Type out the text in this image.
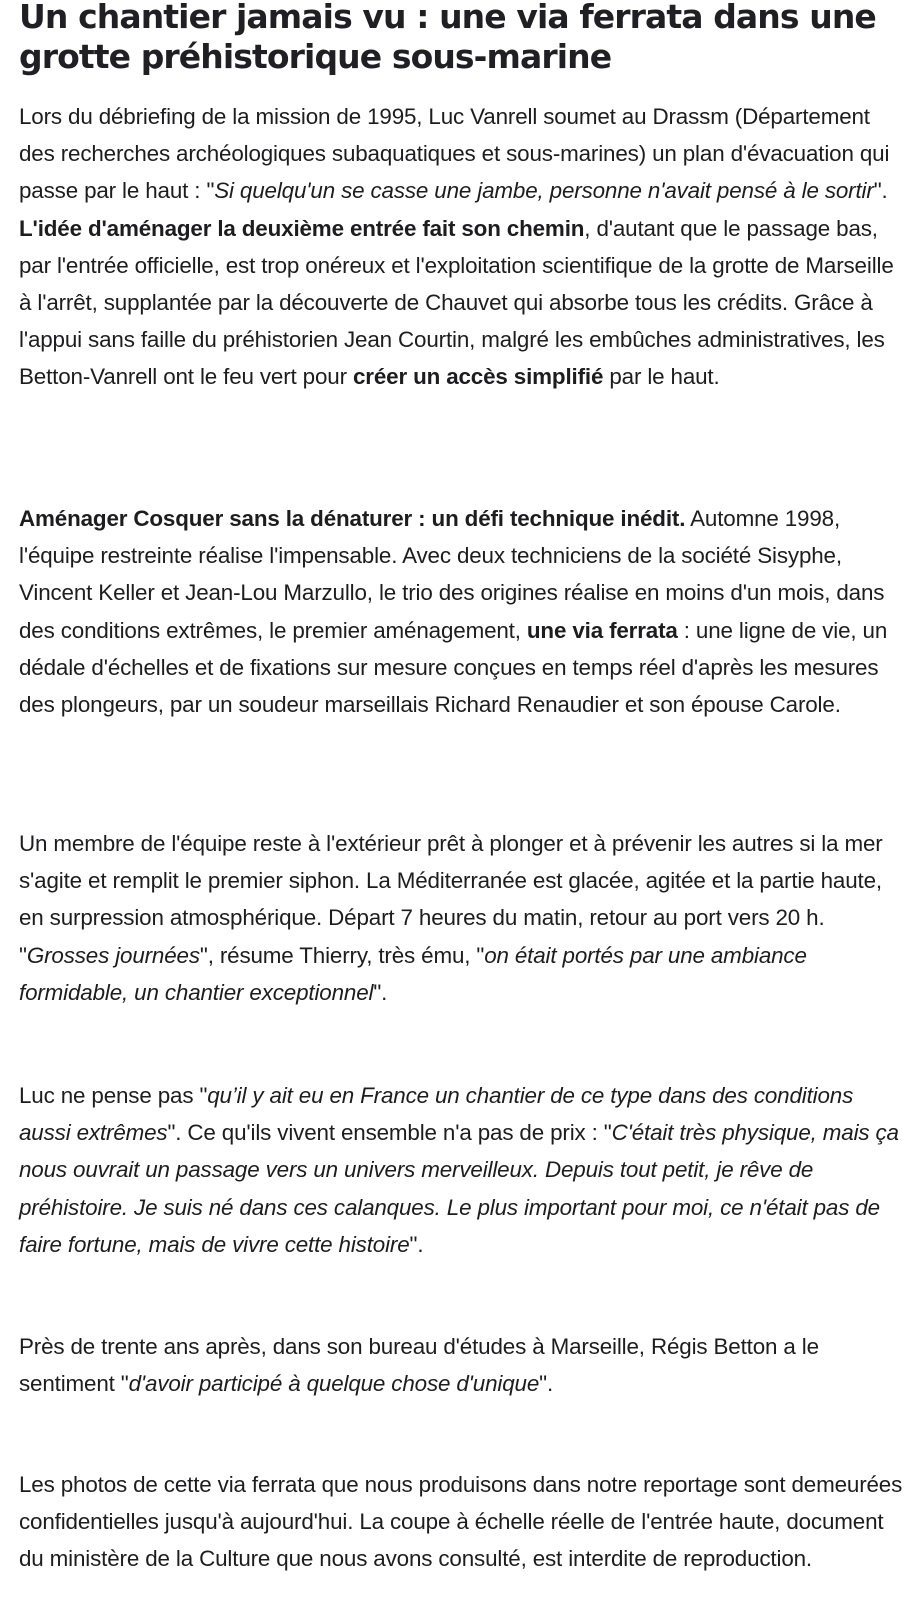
Un chantier jamais vu : une via ferrata dans une grotte préhistorique sous-marine

Lors du débriefing de la mission de 1995, Luc Vanrell soumet au Drassm (Département des recherches archéologiques subaquatiques et sous-marines) un plan d'évacuation qui passe par le haut : "Si quelqu'un se casse une jambe, personne n'avait pensé à le sortir". L'idée d'aménager la deuxième entrée fait son chemin, d'autant que le passage bas, par l'entrée officielle, est trop onéreux et l'exploitation scientifique de la grotte de Marseille à l'arrêt, supplantée par la découverte de Chauvet qui absorbe tous les crédits. Grâce à l'appui sans faille du préhistorien Jean Courtin, malgré les embûches administratives, les Betton-Vanrell ont le feu vert pour créer un accès simplifié par le haut.

Aménager Cosquer sans la dénaturer : un défi technique inédit. Automne 1998, l'équipe restreinte réalise l'impensable. Avec deux techniciens de la société Sisyphe, Vincent Keller et Jean-Lou Marzullo, le trio des origines réalise en moins d'un mois, dans des conditions extrêmes, le premier aménagement, une via ferrata : une ligne de vie, un dédale d'échelles et de fixations sur mesure conçues en temps réel d'après les mesures des plongeurs, par un soudeur marseillais Richard Renaudier et son épouse Carole.

Un membre de l'équipe reste à l'extérieur prêt à plonger et à prévenir les autres si la mer s'agite et remplit le premier siphon. La Méditerranée est glacée, agitée et la partie haute, en surpression atmosphérique. Départ 7 heures du matin, retour au port vers 20 h. "Grosses journées", résume Thierry, très ému, "on était portés par une ambiance formidable, un chantier exceptionnel".

Luc ne pense pas "qu’il y ait eu en France un chantier de ce type dans des conditions aussi extrêmes". Ce qu'ils vivent ensemble n'a pas de prix : "C'était très physique, mais ça nous ouvrait un passage vers un univers merveilleux. Depuis tout petit, je rêve de préhistoire. Je suis né dans ces calanques. Le plus important pour moi, ce n'était pas de faire fortune, mais de vivre cette histoire".

Près de trente ans après, dans son bureau d'études à Marseille, Régis Betton a le sentiment "d'avoir participé à quelque chose d'unique".

Les photos de cette via ferrata que nous produisons dans notre reportage sont demeurées confidentielles jusqu'à aujourd'hui. La coupe à échelle réelle de l'entrée haute, document du ministère de la Culture que nous avons consulté, est interdite de reproduction.
